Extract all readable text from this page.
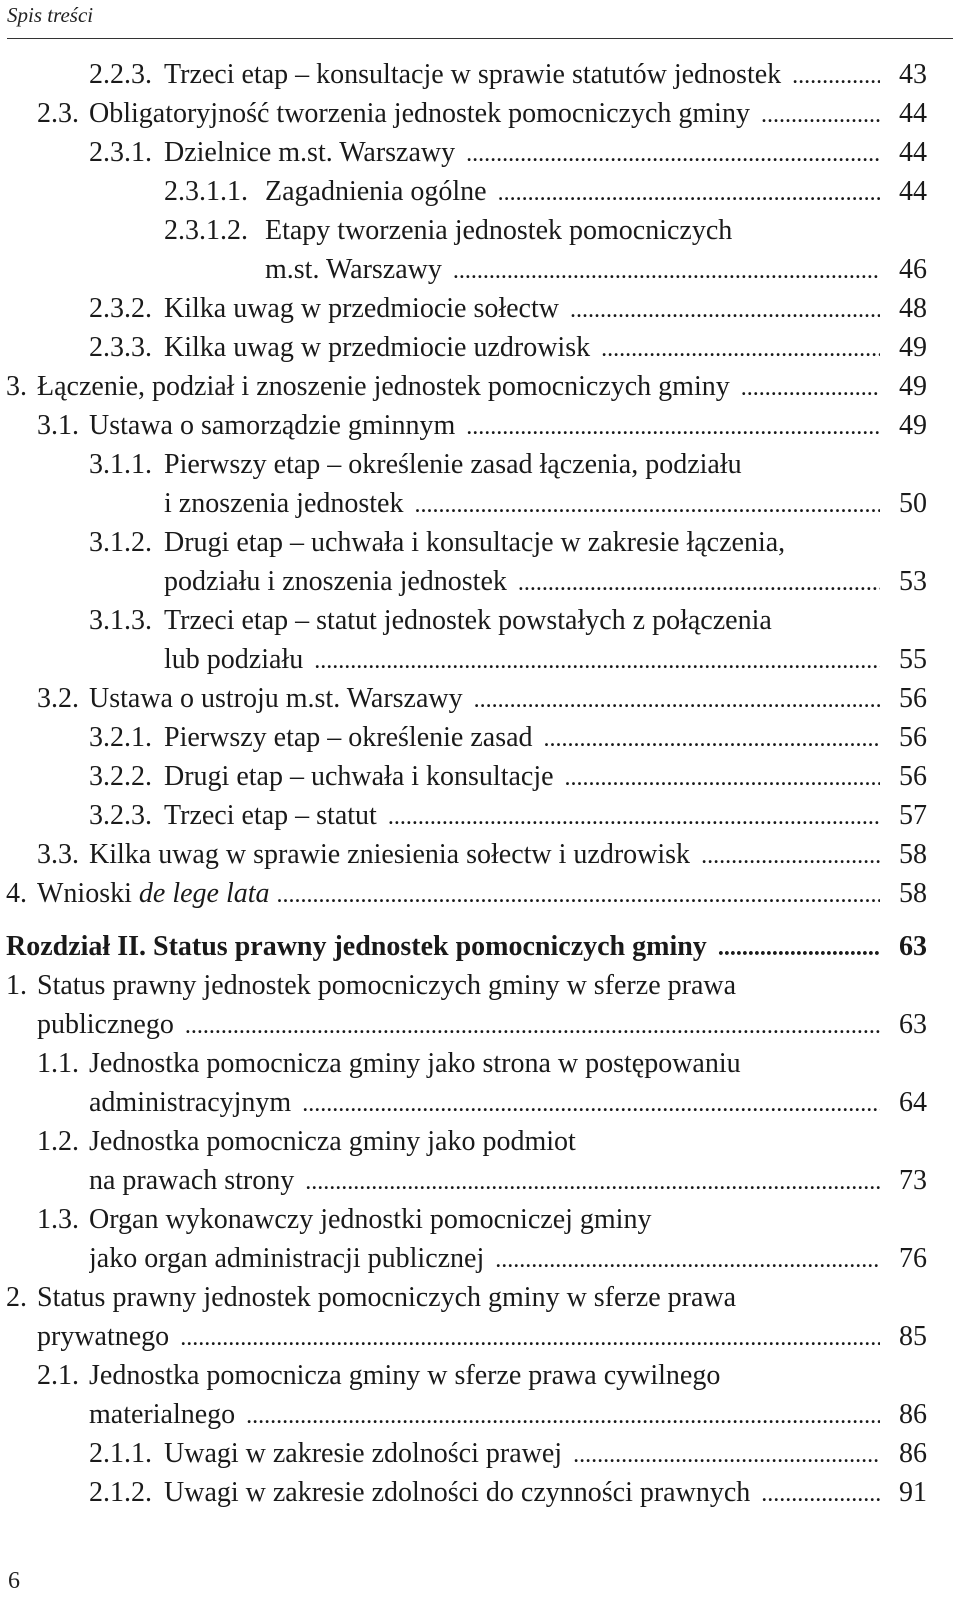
Spis treści
2.2.3. Trzeci etap – konsultacje w sprawie statutów jednostek . . .	43
2.3. Obligatoryjność tworzenia jednostek pomocniczych gminy . . .	44
2.3.1. Dzielnice m.st. Warszawy . . .	44
2.3.1.1. Zagadnienia ogólne . . .	44
2.3.1.2. Etapy tworzenia jednostek pomocniczych
m.st. Warszawy . . .	46
2.3.2. Kilka uwag w przedmiocie sołectw . . .	48
2.3.3. Kilka uwag w przedmiocie uzdrowisk . . .	49
3. Łączenie, podział i znoszenie jednostek pomocniczych gminy . . .	49
3.1. Ustawa o samorządzie gminnym . . .	49
3.1.1. Pierwszy etap – określenie zasad łączenia, podziału
i znoszenia jednostek . . .	50
3.1.2. Drugi etap – uchwała i konsultacje w zakresie łączenia,
podziału i znoszenia jednostek . . .	53
3.1.3. Trzeci etap – statut jednostek powstałych z połączenia
lub podziału . . .	55
3.2. Ustawa o ustroju m.st. Warszawy . . .	56
3.2.1. Pierwszy etap – określenie zasad . . .	56
3.2.2. Drugi etap – uchwała i konsultacje . . .	56
3.2.3. Trzeci etap – statut . . .	57
3.3. Kilka uwag w sprawie zniesienia sołectw i uzdrowisk . . .	58
4. Wnioski de lege lata . . .	58
Rozdział II. Status prawny jednostek pomocniczych gminy . . .	63
1. Status prawny jednostek pomocniczych gminy w sferze prawa
publicznego . . .	63
1.1. Jednostka pomocnicza gminy jako strona w postępowaniu
administracyjnym . . .	64
1.2. Jednostka pomocnicza gminy jako podmiot
na prawach strony . . .	73
1.3. Organ wykonawczy jednostki pomocniczej gminy
jako organ administracji publicznej . . .	76
2. Status prawny jednostek pomocniczych gminy w sferze prawa
prywatnego . . .	85
2.1. Jednostka pomocnicza gminy w sferze prawa cywilnego
materialnego . . .	86
2.1.1. Uwagi w zakresie zdolności prawej . . .	86
2.1.2. Uwagi w zakresie zdolności do czynności prawnych . . .	91
6
